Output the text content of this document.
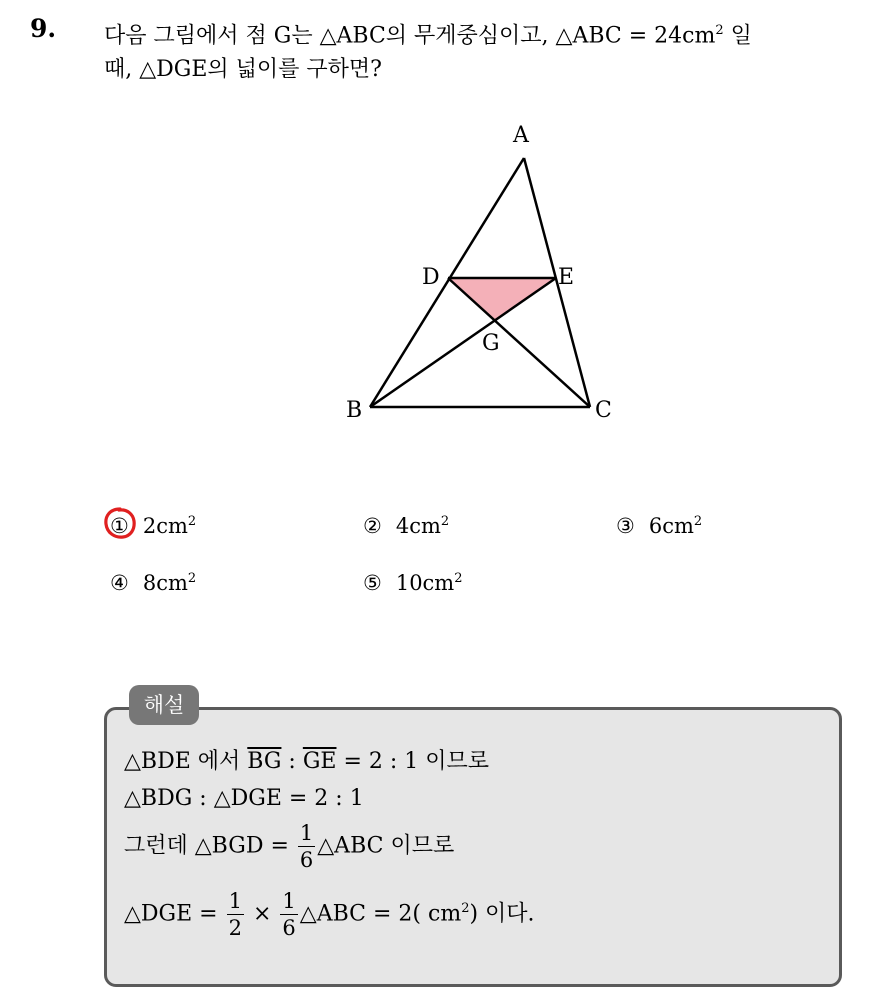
9. 다음 그림에서 점 G는 △ABC의 무게중심이고, △ABC = $24cm^2$ 일
때, △DGE의 넓이를 구하면?
A
B	C
D	E
G
① $2cm^2$	② $4cm^2$	③ $6cm^2$
④ $8cm^2$	⑤ $10cm^2$
해설
△BDE 에서 $\overline{BG}$ : $\overline{GE} = 2$ : 1 이므로
△BDG : △DGE = 2 : 1
그런데 △BGD = $\frac{1}{6}$ △ABC 이므로
△DGE = $\frac{1}{2} \times \frac{1}{6}$ △ABC = 2( $cm^2$) 이다.
